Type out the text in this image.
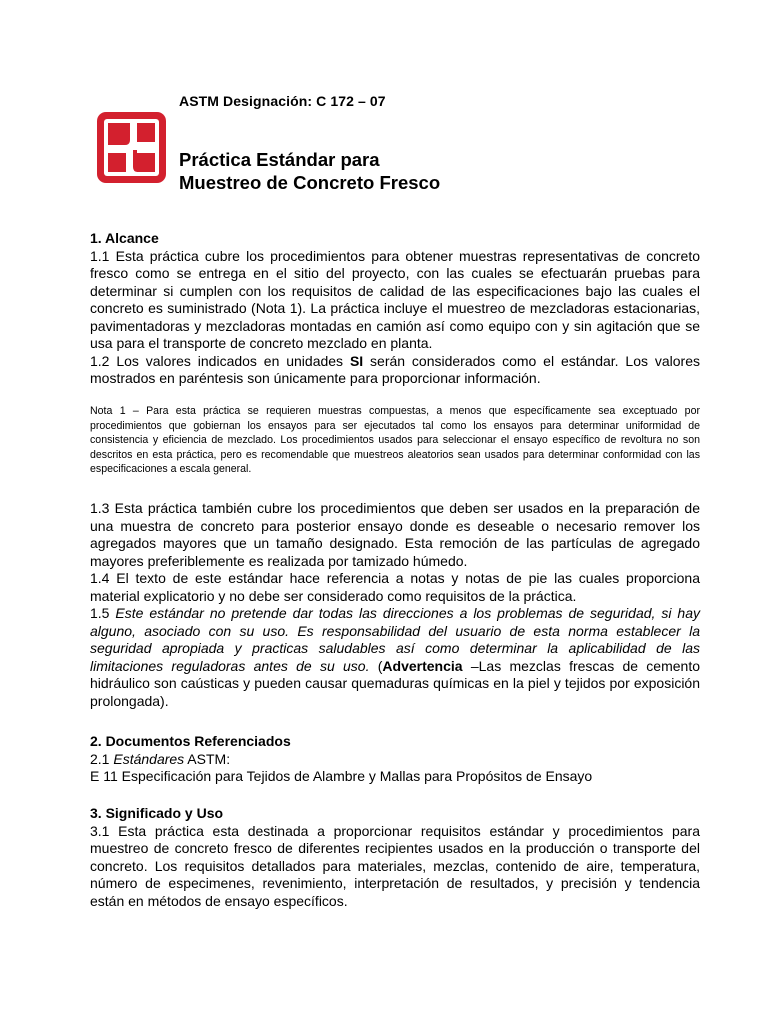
ASTM Designación: C 172 – 07
Práctica Estándar para
Muestreo de Concreto Fresco

1. Alcance

1.1 Esta práctica cubre los procedimientos para obtener muestras representativas de concreto fresco como se entrega en el sitio del proyecto, con las cuales se efectuarán pruebas para determinar si cumplen con los requisitos de calidad de las especificaciones bajo las cuales el concreto es suministrado (Nota 1). La práctica incluye el muestreo de mezcladoras estacionarias, pavimentadoras y mezcladoras montadas en camión así como equipo con y sin agitación que se usa para el transporte de concreto mezclado en planta.

1.2 Los valores indicados en unidades SI serán considerados como el estándar. Los valores mostrados en paréntesis son únicamente para proporcionar información.

Nota 1 – Para esta práctica se requieren muestras compuestas, a menos que específicamente sea exceptuado por procedimientos que gobiernan los ensayos para ser ejecutados tal como los ensayos para determinar uniformidad de consistencia y eficiencia de mezclado. Los procedimientos usados para seleccionar el ensayo específico de revoltura no son descritos en esta práctica, pero es recomendable que muestreos aleatorios sean usados para determinar conformidad con las especificaciones a escala general.

1.3 Esta práctica también cubre los procedimientos que deben ser usados en la preparación de una muestra de concreto para posterior ensayo donde es deseable o necesario remover los agregados mayores que un tamaño designado. Esta remoción de las partículas de agregado mayores preferiblemente es realizada por tamizado húmedo.

1.4 El texto de este estándar hace referencia a notas y notas de pie las cuales proporciona material explicatorio y no debe ser considerado como requisitos de la práctica.

1.5 Este estándar no pretende dar todas las direcciones a los problemas de seguridad, si hay alguno, asociado con su uso. Es responsabilidad del usuario de esta norma establecer la seguridad apropiada y practicas saludables así como determinar la aplicabilidad de las limitaciones reguladoras antes de su uso. (Advertencia –Las mezclas frescas de cemento hidráulico son caústicas y pueden causar quemaduras químicas en la piel y tejidos por exposición prolongada).

2. Documentos Referenciados

2.1 Estándares ASTM:

E 11 Especificación para Tejidos de Alambre y Mallas para Propósitos de Ensayo

3. Significado y Uso

3.1 Esta práctica esta destinada a proporcionar requisitos estándar y procedimientos para muestreo de concreto fresco de diferentes recipientes usados en la producción o transporte del concreto. Los requisitos detallados para materiales, mezclas, contenido de aire, temperatura, número de especimenes, revenimiento, interpretación de resultados, y precisión y tendencia están en métodos de ensayo específicos.
